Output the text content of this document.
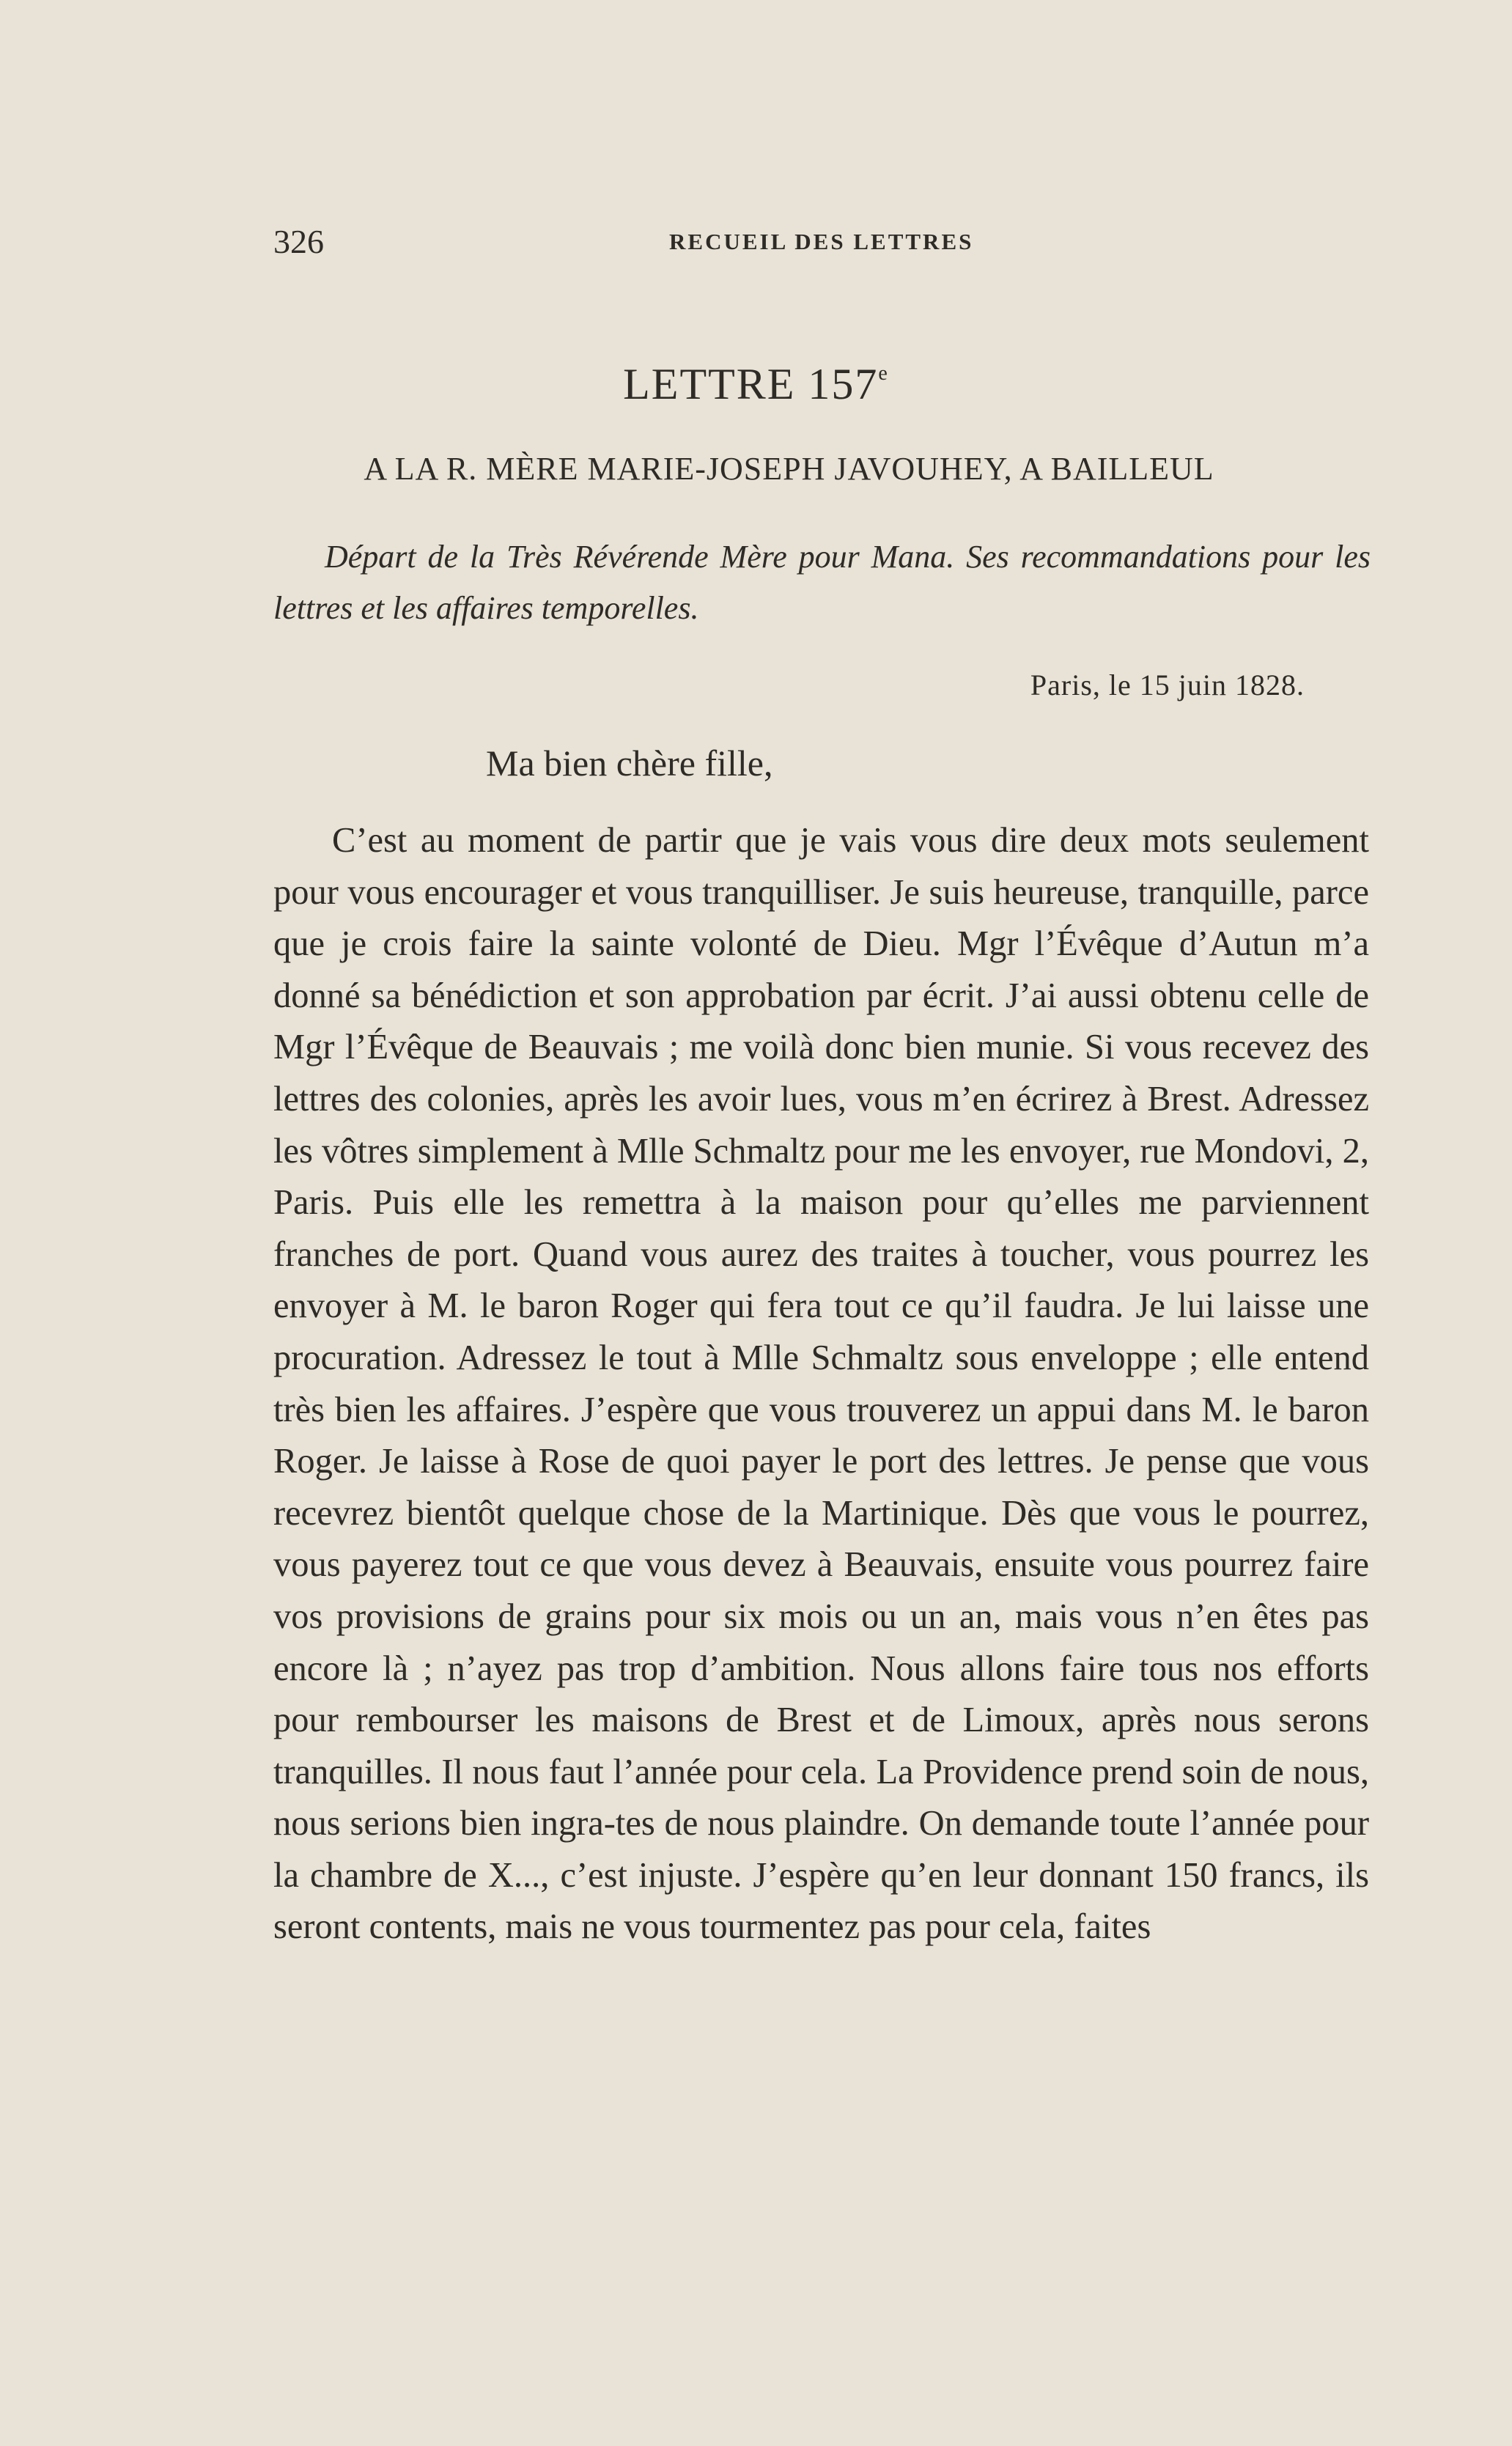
326	RECUEIL DES LETTRES
LETTRE 157e
A LA R. MÈRE MARIE-JOSEPH JAVOUHEY, A BAILLEUL

Départ de la Très Révérende Mère pour Mana. Ses recommandations pour les lettres et les affaires temporelles.

Paris, le 15 juin 1828.
Ma bien chère fille,

C’est au moment de partir que je vais vous dire deux mots seulement pour vous encourager et vous tranquilliser. Je suis heureuse, tranquille, parce que je crois faire la sainte volonté de Dieu. Mgr l’Évêque d’Autun m’a donné sa bénédiction et son approbation par écrit. J’ai aussi obtenu celle de Mgr l’Évêque de Beauvais ; me voilà donc bien munie. Si vous recevez des lettres des colonies, après les avoir lues, vous m’en écrirez à Brest. Adressez les vôtres simplement à Mlle Schmaltz pour me les envoyer, rue Mondovi, 2, Paris. Puis elle les remettra à la maison pour qu’elles me parviennent franches de port. Quand vous aurez des traites à toucher, vous pourrez les envoyer à M. le baron Roger qui fera tout ce qu’il faudra. Je lui laisse une procuration. Adressez le tout à Mlle Schmaltz sous enveloppe ; elle entend très bien les affaires. J’espère que vous trouverez un appui dans M. le baron Roger. Je laisse à Rose de quoi payer le port des lettres. Je pense que vous recevrez bientôt quelque chose de la Martinique. Dès que vous le pourrez, vous payerez tout ce que vous devez à Beauvais, ensuite vous pourrez faire vos provisions de grains pour six mois ou un an, mais vous n’en êtes pas encore là ; n’ayez pas trop d’ambition. Nous allons faire tous nos efforts pour rembourser les maisons de Brest et de Limoux, après nous serons tranquilles. Il nous faut l’année pour cela. La Providence prend soin de nous, nous serions bien ingra-tes de nous plaindre. On demande toute l’année pour la chambre de X..., c’est injuste. J’espère qu’en leur donnant 150 francs, ils seront contents, mais ne vous tourmentez pas pour cela, faites
